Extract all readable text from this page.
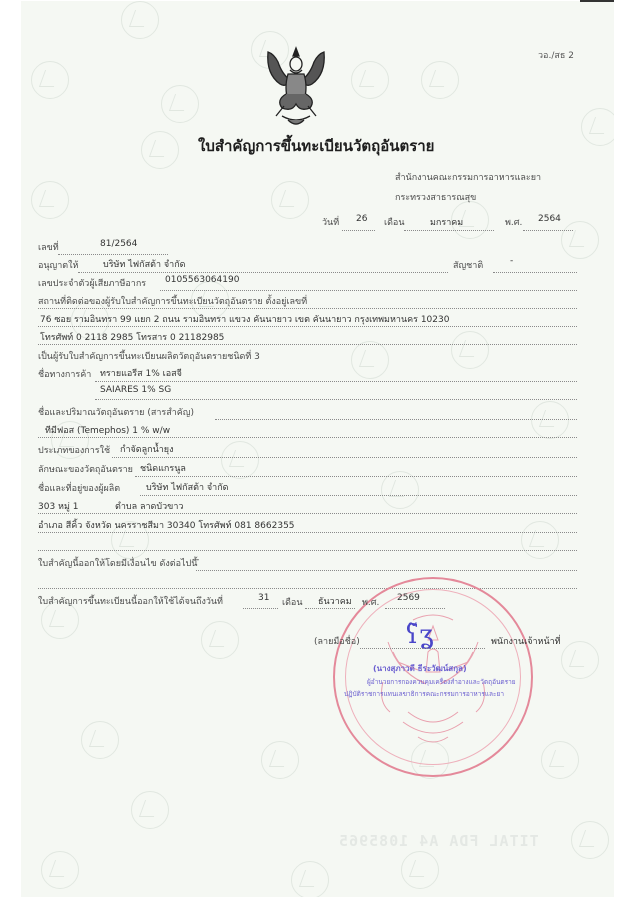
วอ./สธ 2
ใบสำคัญการขึ้นทะเบียนวัตถุอันตราย
สำนักงานคณะกรรมการอาหารและยา
กระทรวงสาธารณสุข
วันที่ 26 เดือน	มกราคม	พ.ศ. 2564
เลขที่	81/2564
อนุญาตให้	บริษัท ไฟกัสต้า จำกัด	สัญชาติ	-
เลขประจำตัวผู้เสียภาษีอากร 0105563064190
สถานที่ติดต่อของผู้รับใบสำคัญการขึ้นทะเบียนวัตถุอันตราย ตั้งอยู่เลขที่
76 ซอย รามอินทรา 99 แยก 2 ถนน รามอินทรา แขวง คันนายาว เขต คันนายาว กรุงเทพมหานคร 10230
โทรศัพท์ 0 2118 2985 โทรสาร 0 21182985
เป็นผู้รับใบสำคัญการขึ้นทะเบียนผลิตวัตถุอันตรายชนิดที่ 3
ชื่อทางการค้า ทรายแอรีส 1% เอสจี
SAIARES 1% SG
ชื่อและปริมาณวัตถุอันตราย (สารสำคัญ)
ทีมีฟอส (Temephos) 1 % w/w
ประเภทของการใช้ กำจัดลูกน้ำยุง
ลักษณะของวัตถุอันตราย ชนิดแกรนูล
ชื่อและที่อยู่ของผู้ผลิต	บริษัท ไฟกัสต้า จำกัด
303 หมู่ 1	ตำบล ลาดบัวขาว
อำเภอ สีคิ้ว จังหวัด นครราชสีมา 30340 โทรศัพท์ 081 8662355
ใบสำคัญนี้ออกให้โดยมีเงื่อนไข ดังต่อไปนี้
-
ใบสำคัญการขึ้นทะเบียนนี้ออกให้ใช้ได้จนถึงวันที่	31 เดือน ธันวาคม พ.ศ. 2569
(ลายมือชื่อ) ʕ̃ʓ	พนักงานเจ้าหน้าที่
(นางสุภาวดี ธีระวัฒน์สกุล)
ผู้อำนวยการกองควบคุมเครื่องสำอางและวัตถุอันตราย
ปฏิบัติราชการแทนเลขาธิการคณะกรรมการอาหารและยา
TITAL FDA A4 1085965
